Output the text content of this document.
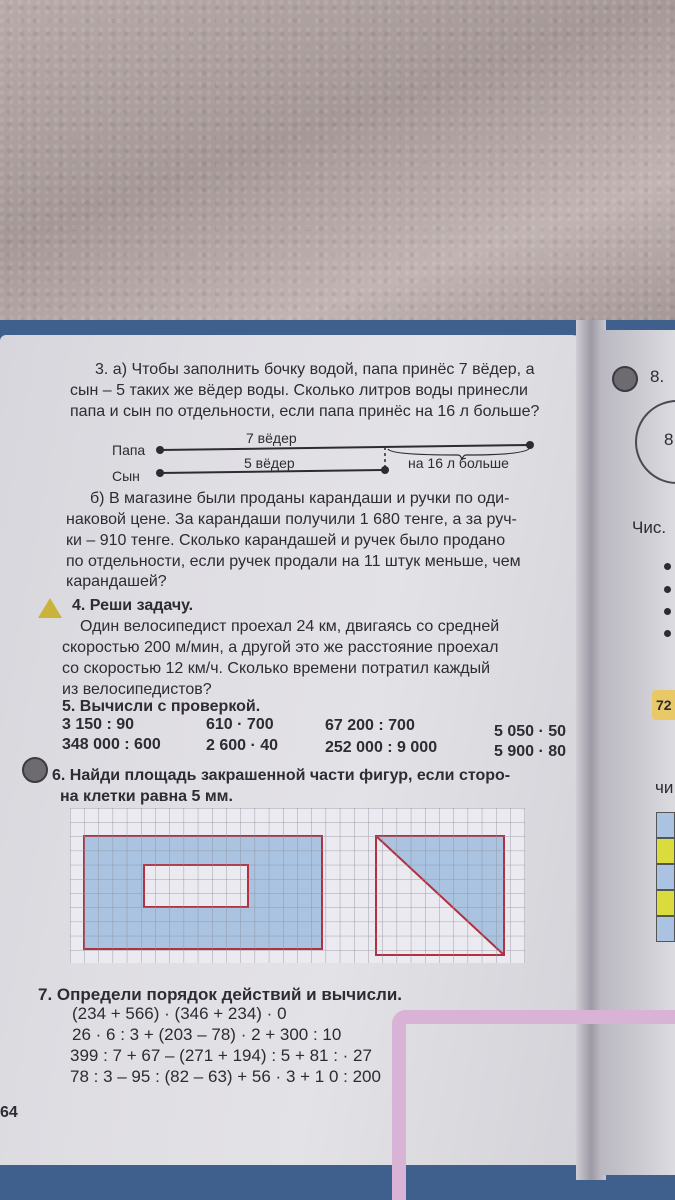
3. а) Чтобы заполнить бочку водой, папа принёс 7 вёдер, а
сын – 5 таких же вёдер воды. Сколько литров воды принесли
папа и сын по отдельности, если папа принёс на 16 л больше?
Папа
Сын
7 вёдер
5 вёдер	на 16 л больше
б) В магазине были проданы карандаши и ручки по оди-
наковой цене. За карандаши получили 1 680 тенге, а за руч-
ки – 910 тенге. Сколько карандашей и ручек было продано
по отдельности, если ручек продали на 11 штук меньше, чем
карандашей?
4. Реши задачу.
Один велосипедист проехал 24 км, двигаясь со средней
скоростью 200 м/мин, а другой это же расстояние проехал
со скоростью 12 км/ч. Сколько времени потратил каждый
из велосипедистов?
5. Вычисли с проверкой.
3 150 : 90	610 · 700	67 200 : 700	5 050 · 50
348 000 : 600	2 600 · 40	252 000 : 9 000	5 900 · 80
6. Найди площадь закрашенной части фигур, если сторо-
на клетки равна 5 мм.
7. Определи порядок действий и вычисли.
(234 + 566) · (346 + 234) · 0
26 · 6 : 3 + (203 – 78) · 2 + 300 : 10
399 : 7 + 67 – (271 + 194) : 5 + 81 : · 27
78 : 3 – 95 : (82 – 63) + 56 · 3 + 1 0 : 200
64
8.
8
Чис.
72
чи
